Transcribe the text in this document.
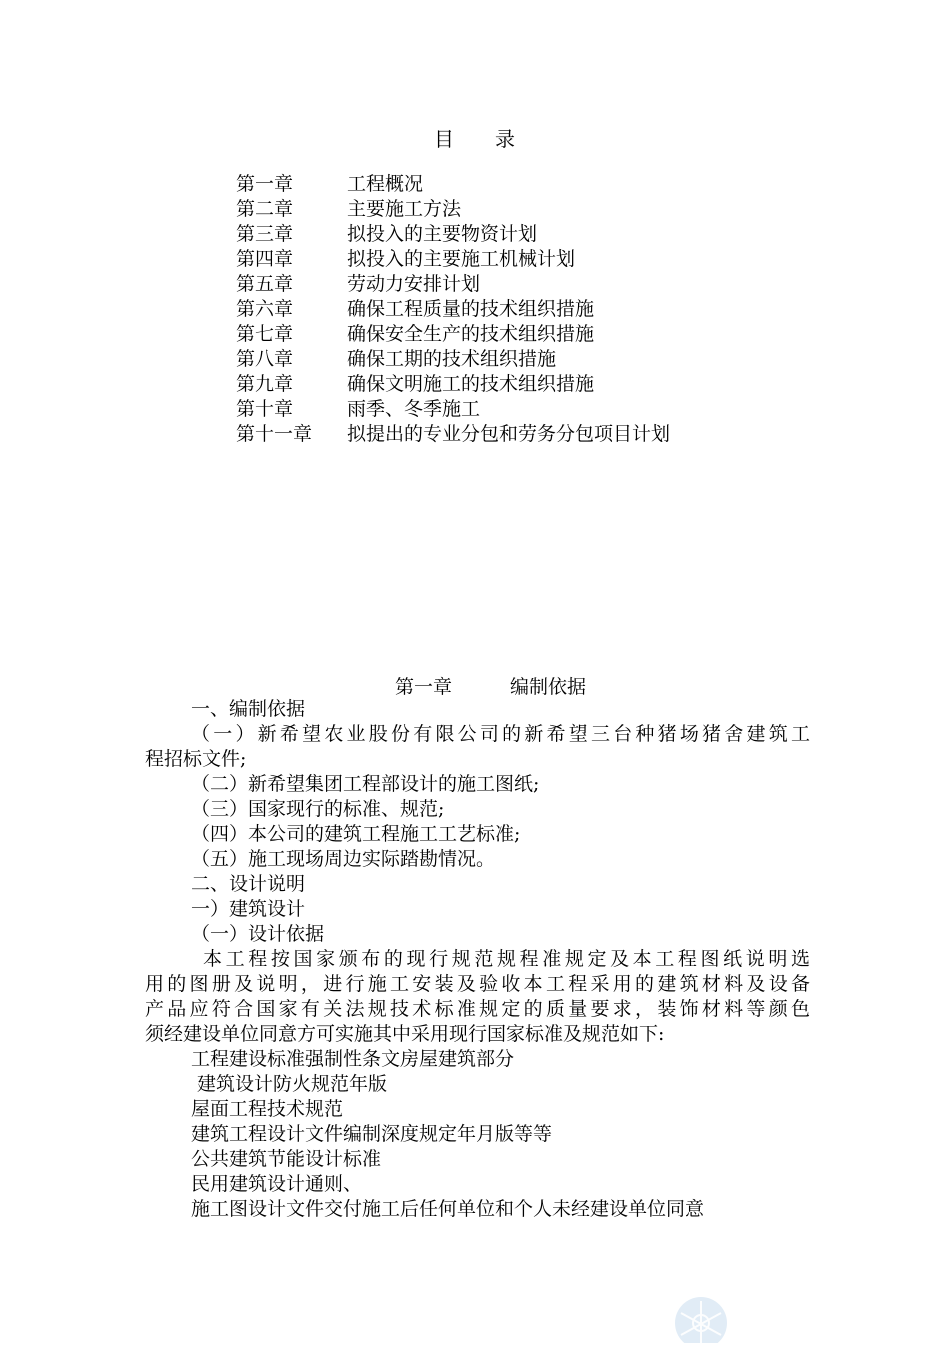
目 录
第一章	工程概况
第二章	主要施工方法
第三章	拟投入的主要物资计划
第四章	拟投入的主要施工机械计划
第五章	劳动力安排计划
第六章	确保工程质量的技术组织措施
第七章	确保安全生产的技术组织措施
第八章	确保工期的技术组织措施
第九章	确保文明施工的技术组织措施
第十章	雨季、冬季施工
第十一章 拟提出的专业分包和劳务分包项目计划
第一章	编制依据
一、编制依据
（一）新希望农业股份有限公司的新希望三台种猪场猪舍建筑工
程招标文件;
（二）新希望集团工程部设计的施工图纸;
（三）国家现行的标准、规范;
（四）本公司的建筑工程施工工艺标准;
（五）施工现场周边实际踏勘情况。
二、设计说明
一）建筑设计
（一）设计依据
本工程按国家颁布的现行规范规程准规定及本工程图纸说明选
用的图册及说明，进行施工安装及验收本工程采用的建筑材料及设备
产品应符合国家有关法规技术标准规定的质量要求，装饰材料等颜色
须经建设单位同意方可实施其中采用现行国家标准及规范如下:
工程建设标准强制性条文房屋建筑部分
建筑设计防火规范年版
屋面工程技术规范
建筑工程设计文件编制深度规定年月版等等
公共建筑节能设计标准
民用建筑设计通则、
施工图设计文件交付施工后任何单位和个人未经建设单位同意
